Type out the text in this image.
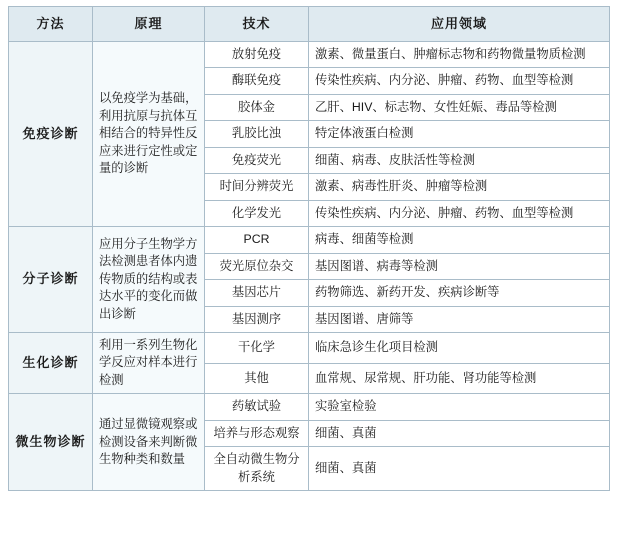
方法	原理	技术	应用领域
免疫诊断	以免疫学为基础，利用抗原与抗体互相结合的特异性反应来进行定性或定量的诊断	放射免疫	激素、微量蛋白、肿瘤标志物和药物微量物质检测
		酶联免疫	传染性疾病、内分泌、肿瘤、药物、血型等检测
		胶体金	乙肝、HIV、标志物、女性妊娠、毒品等检测
		乳胶比浊	特定体液蛋白检测
		免疫荧光	细菌、病毒、皮肤活性等检测
		时间分辨荧光	激素、病毒性肝炎、肿瘤等检测
		化学发光	传染性疾病、内分泌、肿瘤、药物、血型等检测
分子诊断	应用分子生物学方法检测患者体内遗传物质的结构或表达水平的变化而做出诊断	PCR	病毒、细菌等检测
		荧光原位杂交	基因图谱、病毒等检测
		基因芯片	药物筛选、新药开发、疾病诊断等
		基因测序	基因图谱、唐筛等
生化诊断	利用一系列生物化学反应对样本进行检测	干化学	临床急诊生化项目检测
		其他	血常规、尿常规、肝功能、肾功能等检测
微生物诊断	通过显微镜观察或检测设备来判断微生物种类和数量	药敏试验	实验室检验
		培养与形态观察	细菌、真菌
		全自动微生物分析系统	细菌、真菌
